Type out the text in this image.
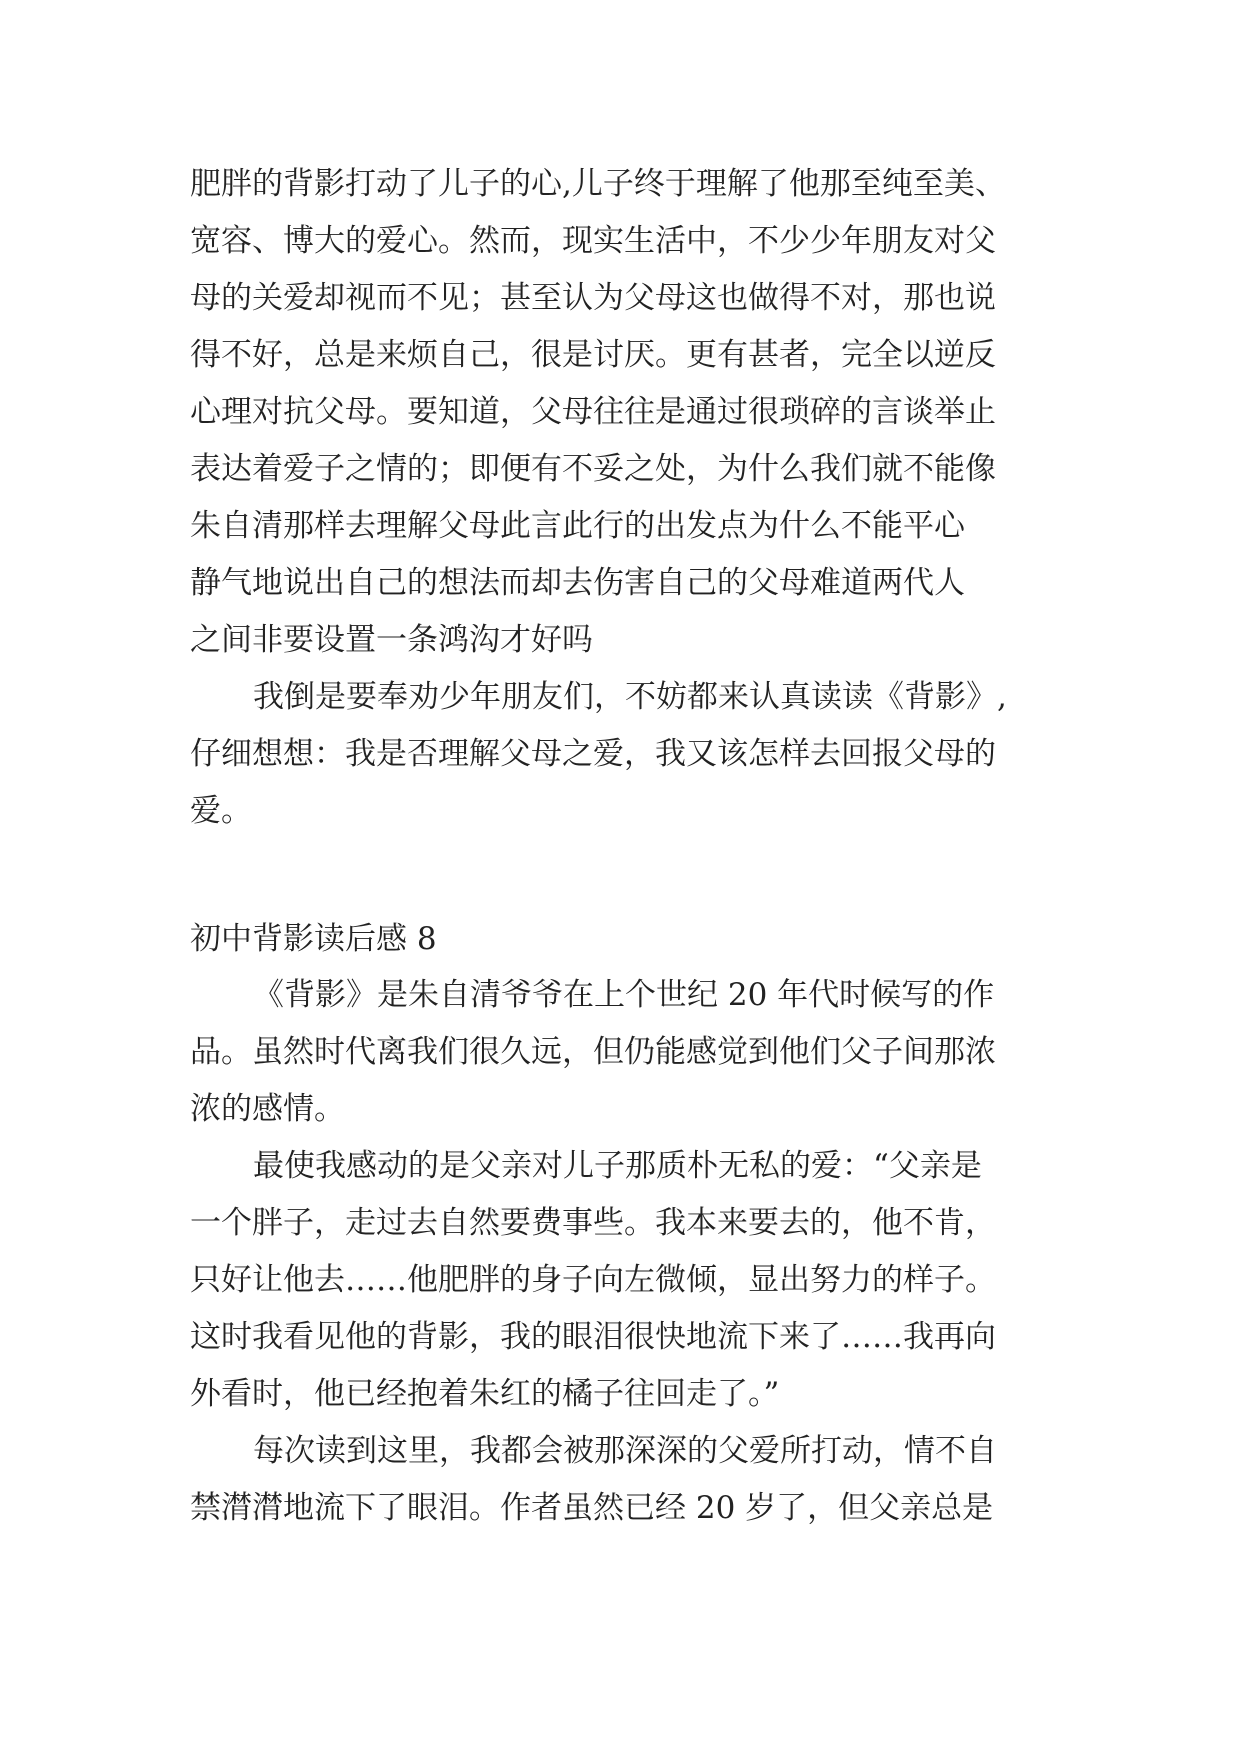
肥胖的背影打动了儿子的心,儿子终于理解了他那至纯至美、
宽容、博大的爱心。然而，现实生活中，不少少年朋友对父
母的关爱却视而不见；甚至认为父母这也做得不对，那也说
得不好，总是来烦自己，很是讨厌。更有甚者，完全以逆反
心理对抗父母。要知道，父母往往是通过很琐碎的言谈举止
表达着爱子之情的；即便有不妥之处，为什么我们就不能像
朱自清那样去理解父母此言此行的出发点为什么不能平心
静气地说出自己的想法而却去伤害自己的父母难道两代人
之间非要设置一条鸿沟才好吗
我倒是要奉劝少年朋友们，不妨都来认真读读《背影》,
仔细想想：我是否理解父母之爱，我又该怎样去回报父母的
爱。
初中背影读后感 8
《背影》是朱自清爷爷在上个世纪 20 年代时候写的作
品。虽然时代离我们很久远，但仍能感觉到他们父子间那浓
浓的感情。
最使我感动的是父亲对儿子那质朴无私的爱：“父亲是
一个胖子，走过去自然要费事些。我本来要去的，他不肯，
只好让他去……他肥胖的身子向左微倾，显出努力的样子。
这时我看见他的背影，我的眼泪很快地流下来了……我再向
外看时，他已经抱着朱红的橘子往回走了。”
每次读到这里，我都会被那深深的父爱所打动，情不自
禁潸潸地流下了眼泪。作者虽然已经 20 岁了，但父亲总是
